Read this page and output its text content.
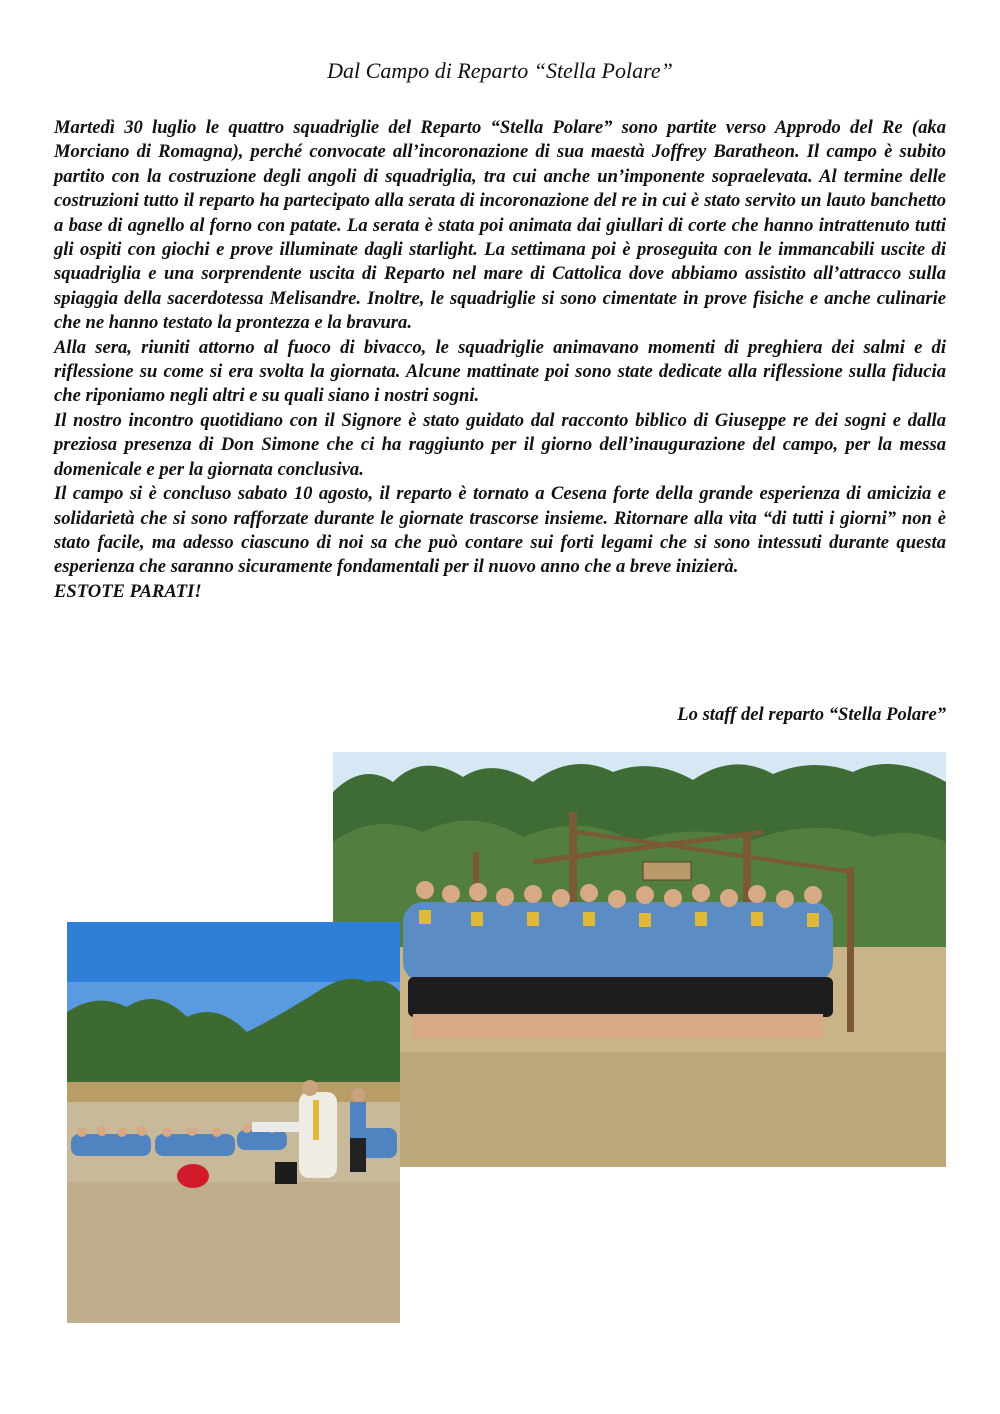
Dal Campo di Reparto “Stella Polare”

Martedì 30 luglio le quattro squadriglie del Reparto “Stella Polare” sono partite verso Approdo del Re (aka Morciano di Romagna), perché convocate all’incoronazione di sua maestà Joffrey Baratheon. Il campo è subito partito con la costruzione degli angoli di squadriglia, tra cui anche un’imponente sopraelevata. Al termine delle costruzioni tutto il reparto ha partecipato alla serata di incoronazione del re in cui è stato servito un lauto banchetto a base di agnello al forno con patate. La serata è stata poi animata dai giullari di corte che hanno intrattenuto tutti gli ospiti con giochi e prove illuminate dagli starlight. La settimana poi è proseguita con le immancabili uscite di squadriglia e una sorprendente uscita di Reparto nel mare di Cattolica dove abbiamo assistito all’attracco sulla spiaggia della sacerdotessa Melisandre. Inoltre, le squadriglie si sono cimentate in prove fisiche e anche culinarie che ne hanno testato la prontezza e la bravura.

Alla sera, riuniti attorno al fuoco di bivacco, le squadriglie animavano momenti di preghiera dei salmi e di riflessione su come si era svolta la giornata. Alcune mattinate poi sono state dedicate alla riflessione sulla fiducia che riponiamo negli altri e su quali siano i nostri sogni.

Il nostro incontro quotidiano con il Signore è stato guidato dal racconto biblico di Giuseppe re dei sogni e dalla preziosa presenza di Don Simone che ci ha raggiunto per il giorno dell’inaugurazione del campo, per la messa domenicale e per la giornata conclusiva.

Il campo si è concluso sabato 10 agosto, il reparto è tornato a Cesena forte della grande esperienza di amicizia e solidarietà che si sono rafforzate durante le giornate trascorse insieme. Ritornare alla vita “di tutti i giorni” non è stato facile, ma adesso ciascuno di noi sa che può contare sui forti legami che si sono intessuti durante questa esperienza che saranno sicuramente fondamentali per il nuovo anno che a breve inizierà.

ESTOTE PARATI!

Lo staff del reparto “Stella Polare”
